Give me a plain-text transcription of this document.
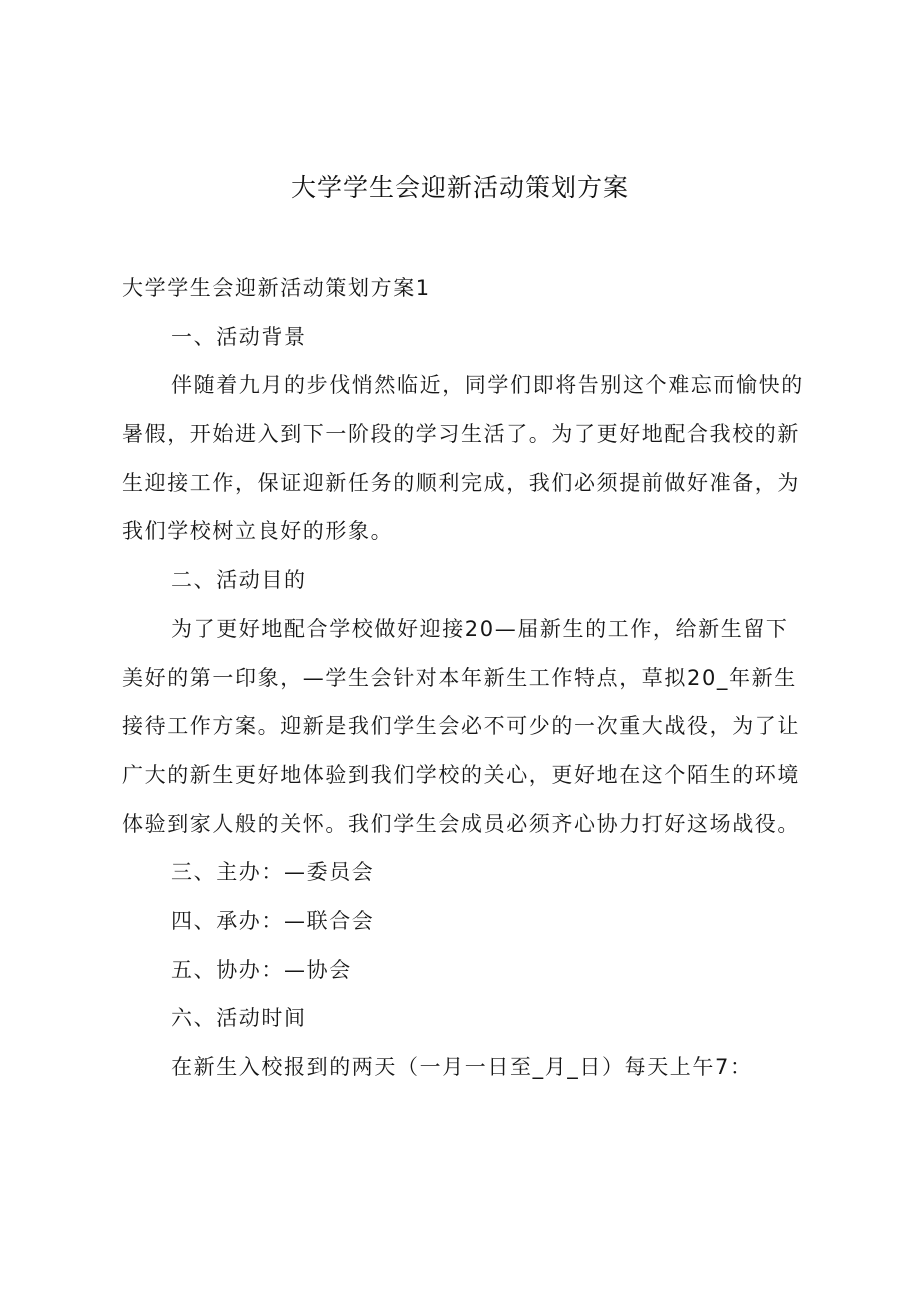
大学学生会迎新活动策划方案
大学学生会迎新活动策划方案1
一、活动背景
伴随着九月的步伐悄然临近，同学们即将告别这个难忘而愉快的
暑假，开始进入到下一阶段的学习生活了。为了更好地配合我校的新
生迎接工作，保证迎新任务的顺利完成，我们必须提前做好准备，为
我们学校树立良好的形象。
二、活动目的
为了更好地配合学校做好迎接20—届新生的工作，给新生留下
美好的第一印象，—学生会针对本年新生工作特点，草拟20_年新生
接待工作方案。迎新是我们学生会必不可少的一次重大战役，为了让
广大的新生更好地体验到我们学校的关心，更好地在这个陌生的环境
体验到家人般的关怀。我们学生会成员必须齐心协力打好这场战役。
三、主办：—委员会
四、承办：—联合会
五、协办：—协会
六、活动时间
在新生入校报到的两天（一月一日至_月_日）每天上午7：
